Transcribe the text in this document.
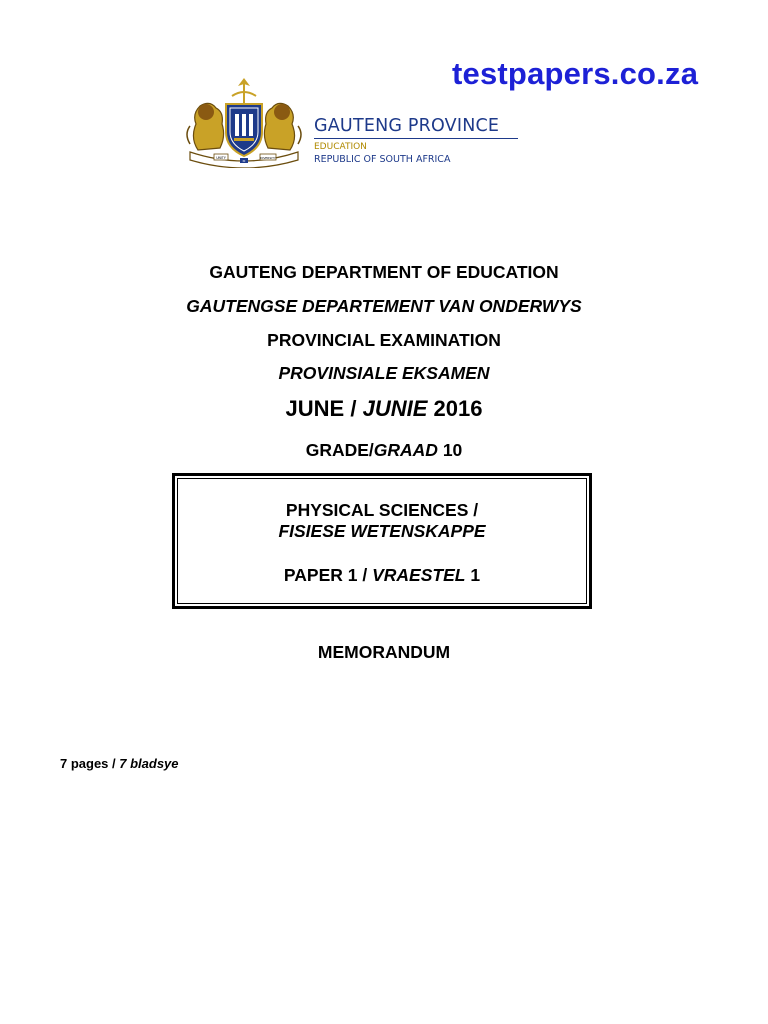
testpapers.co.za
UNITY
IN
DIVERSITY
GAUTENG PROVINCE
EDUCATION
REPUBLIC OF SOUTH AFRICA
GAUTENG DEPARTMENT OF EDUCATION
GAUTENGSE DEPARTEMENT VAN ONDERWYS
PROVINCIAL EXAMINATION
PROVINSIALE EKSAMEN
JUNE / JUNIE 2016
GRADE/GRAAD 10
PHYSICAL SCIENCES /
FISIESE WETENSKAPPE
PAPER 1 / VRAESTEL 1
MEMORANDUM
7 pages / 7 bladsye
